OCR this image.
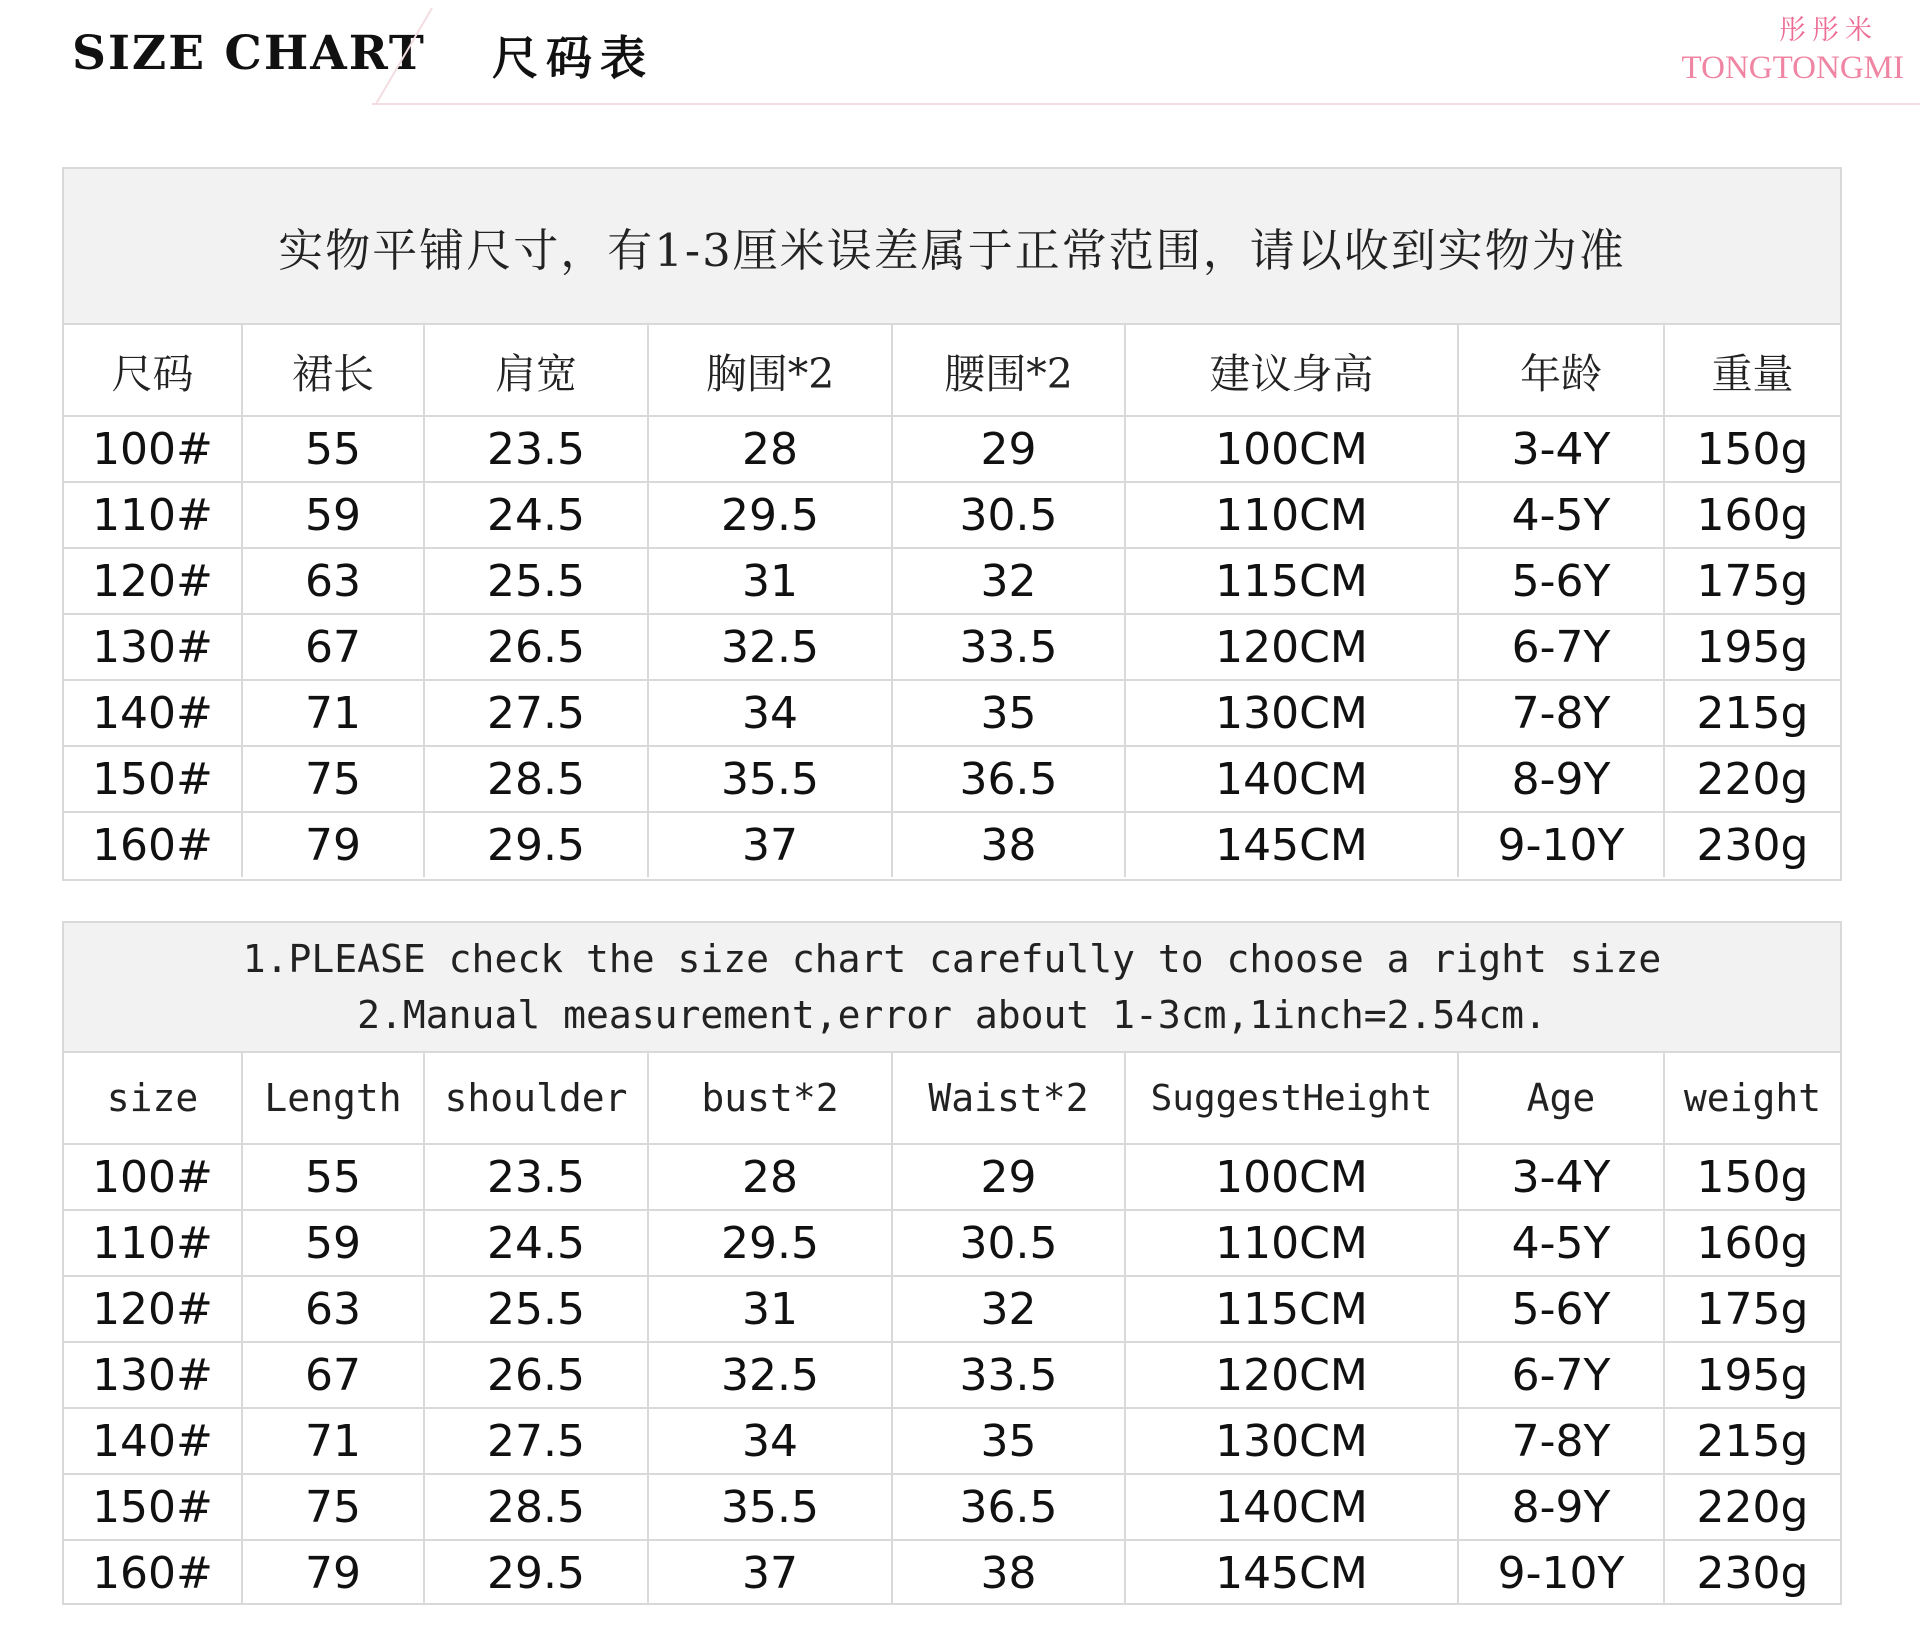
SIZE CHART 尺码表
彤彤米
TONGTONGMI
实物平铺尺寸，有1-3厘米误差属于正常范围，请以收到实物为准
尺码	裙长	肩宽	胸围*2	腰围*2	建议身高	年龄	重量
100#	55	23.5	28	29	100CM	3-4Y	150g
110#	59	24.5	29.5	30.5	110CM	4-5Y	160g
120#	63	25.5	31	32	115CM	5-6Y	175g
130#	67	26.5	32.5	33.5	120CM	6-7Y	195g
140#	71	27.5	34	35	130CM	7-8Y	215g
150#	75	28.5	35.5	36.5	140CM	8-9Y	220g
160#	79	29.5	37	38	145CM	9-10Y	230g
1.PLEASE check the size chart carefully to choose a right size
2.Manual measurement,error about 1-3cm,1inch=2.54cm.
size	Length	shoulder	bust*2	Waist*2	SuggestHeight	Age	weight
100#	55	23.5	28	29	100CM	3-4Y	150g
110#	59	24.5	29.5	30.5	110CM	4-5Y	160g
120#	63	25.5	31	32	115CM	5-6Y	175g
130#	67	26.5	32.5	33.5	120CM	6-7Y	195g
140#	71	27.5	34	35	130CM	7-8Y	215g
150#	75	28.5	35.5	36.5	140CM	8-9Y	220g
160#	79	29.5	37	38	145CM	9-10Y	230g
